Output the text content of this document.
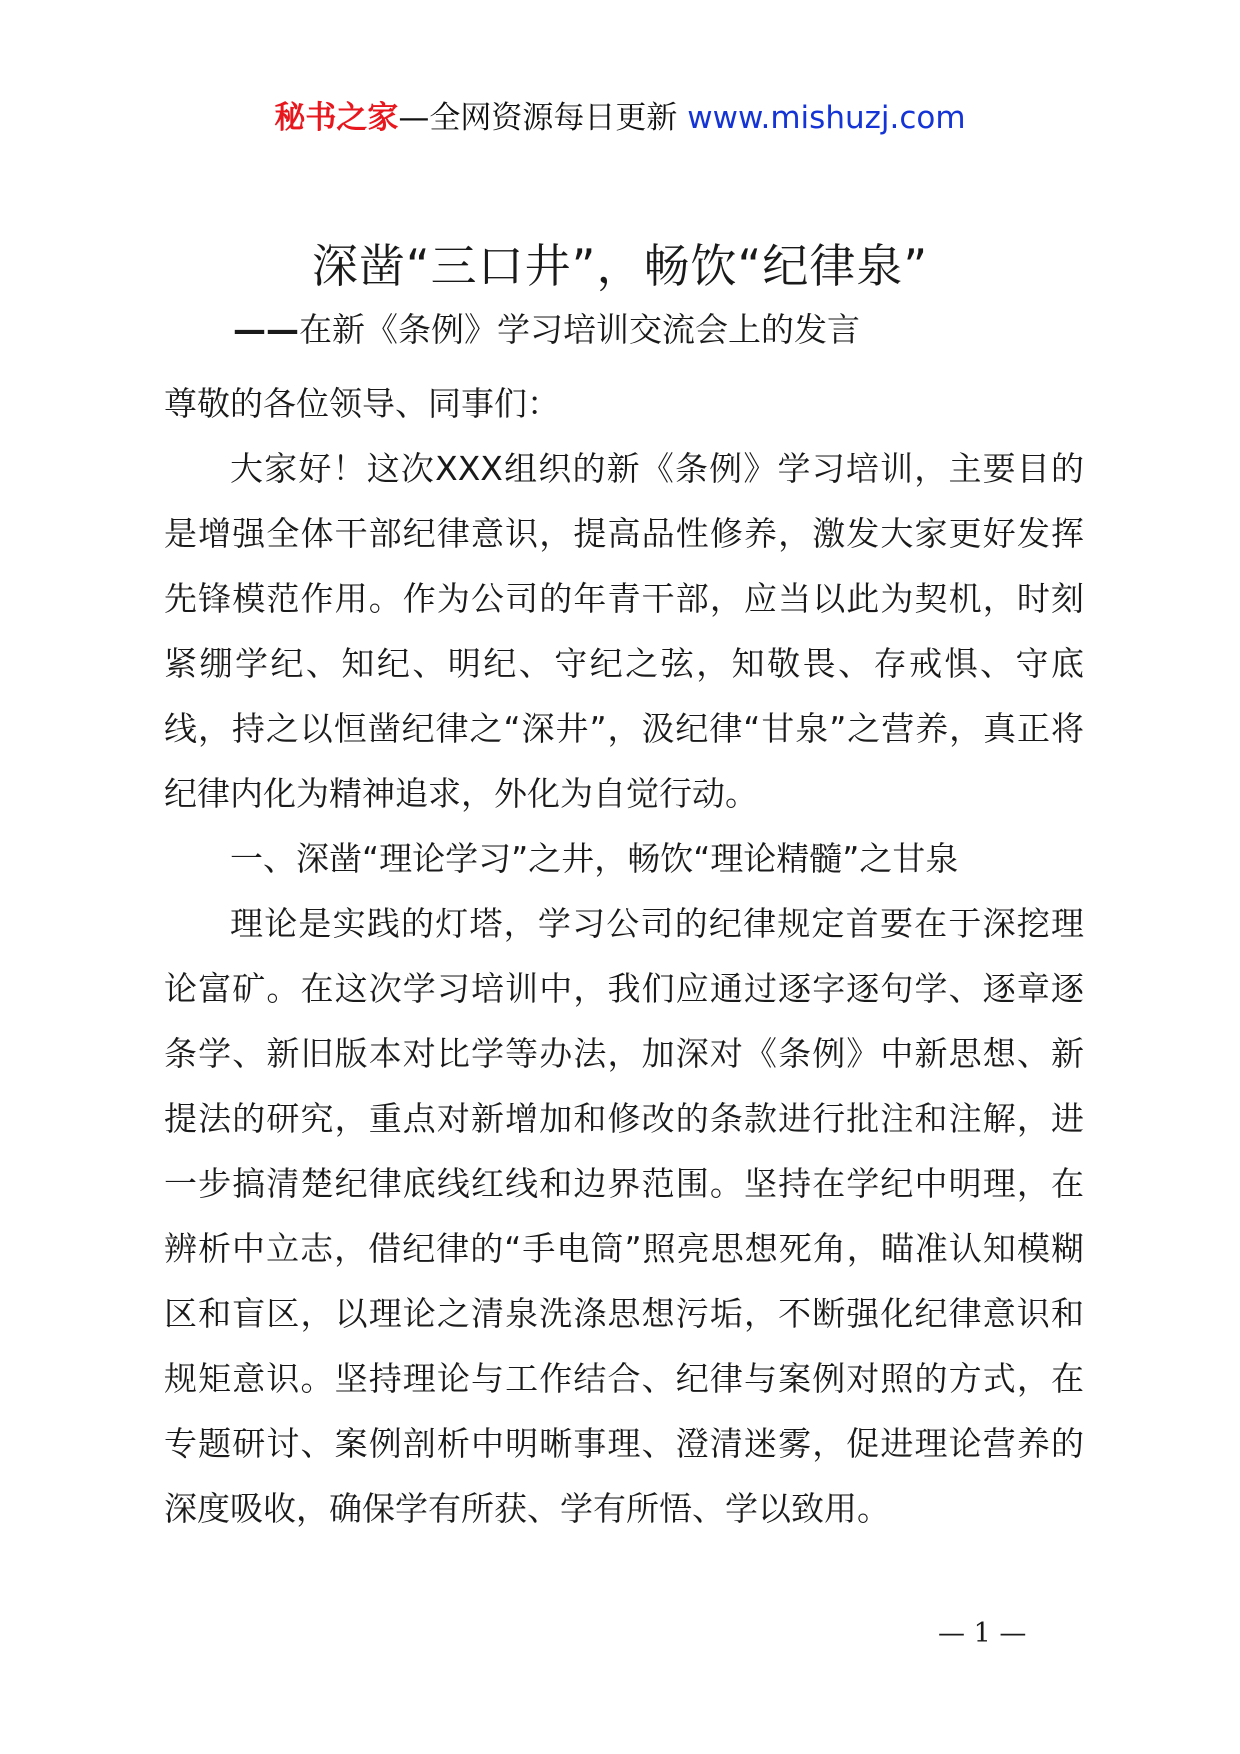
秘书之家—全网资源每日更新 www.mishuzj.com
深凿“三口井”，畅饮“纪律泉”
——在新《条例》学习培训交流会上的发言

尊敬的各位领导、同事们：

大家好！这次XXX组织的新《条例》学习培训，主要目的是增强全体干部纪律意识，提高品性修养，激发大家更好发挥先锋模范作用。作为公司的年青干部，应当以此为契机，时刻紧绷学纪、知纪、明纪、守纪之弦，知敬畏、存戒惧、守底线，持之以恒凿纪律之“深井”，汲纪律“甘泉”之营养，真正将纪律内化为精神追求，外化为自觉行动。

一、深凿“理论学习”之井，畅饮“理论精髓”之甘泉

理论是实践的灯塔，学习公司的纪律规定首要在于深挖理论富矿。在这次学习培训中，我们应通过逐字逐句学、逐章逐条学、新旧版本对比学等办法，加深对《条例》中新思想、新提法的研究，重点对新增加和修改的条款进行批注和注解，进一步搞清楚纪律底线红线和边界范围。坚持在学纪中明理，在辨析中立志，借纪律的“手电筒”照亮思想死角，瞄准认知模糊区和盲区，以理论之清泉洗涤思想污垢，不断强化纪律意识和规矩意识。坚持理论与工作结合、纪律与案例对照的方式，在专题研讨、案例剖析中明晰事理、澄清迷雾，促进理论营养的深度吸收，确保学有所获、学有所悟、学以致用。

— 1 —
